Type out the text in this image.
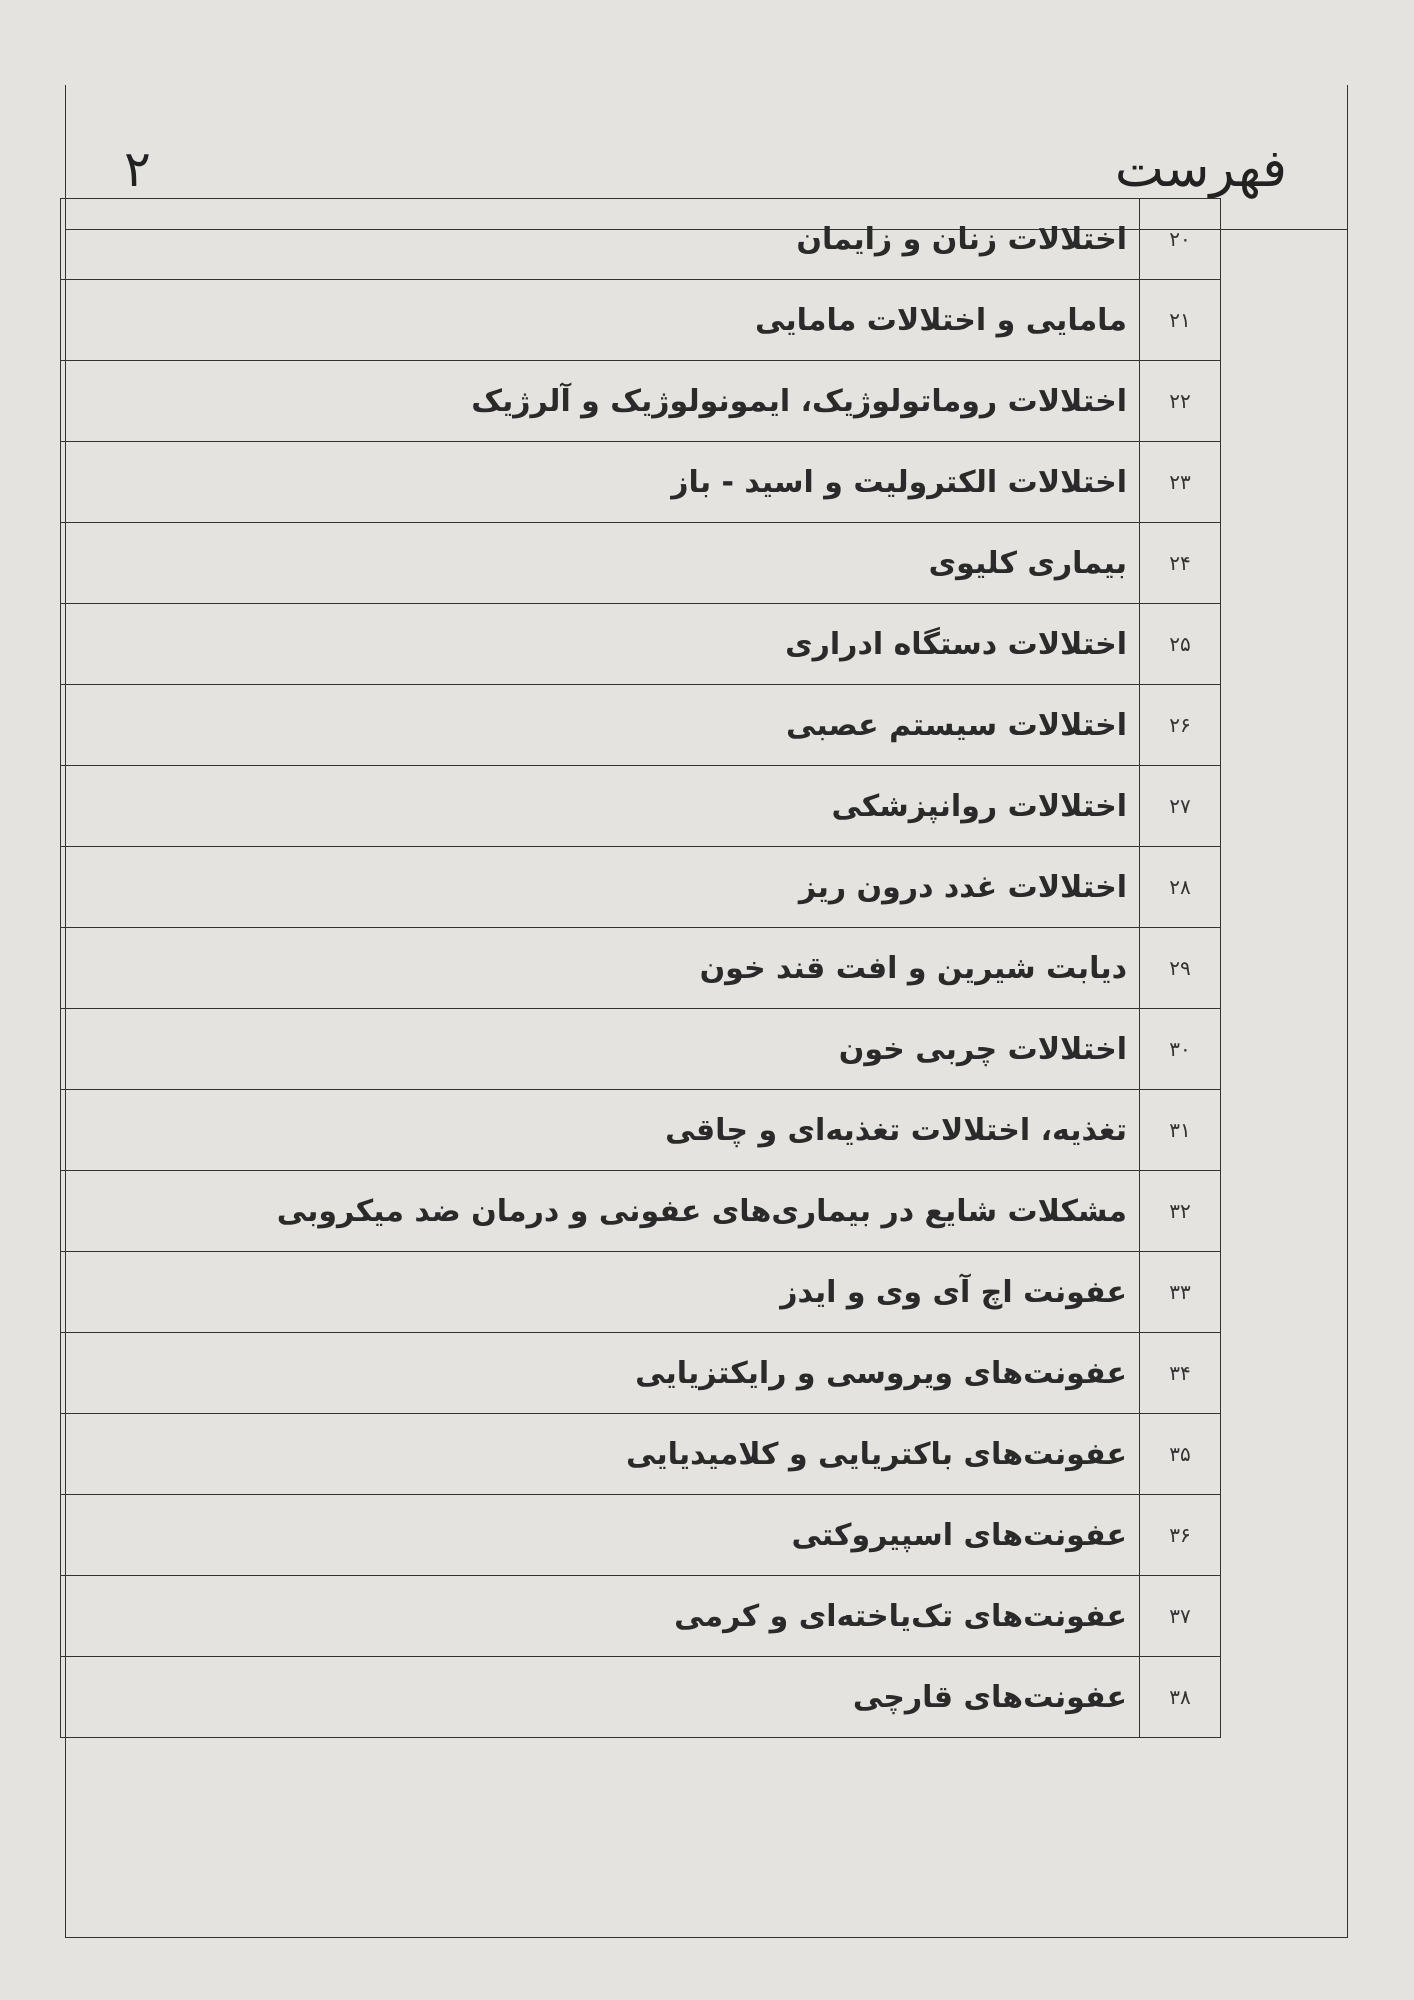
فهرست
۲
۲۰	اختلالات زنان و زایمان
۲۱	مامایی و اختلالات مامایی
۲۲	اختلالات روماتولوژیک، ایمونولوژیک و آلرژیک
۲۳	اختلالات الکترولیت و اسید - باز
۲۴	بیماری کلیوی
۲۵	اختلالات دستگاه ادراری
۲۶	اختلالات سیستم عصبی
۲۷	اختلالات روانپزشکی
۲۸	اختلالات غدد درون ریز
۲۹	دیابت شیرین و افت قند خون
۳۰	اختلالات چربی خون
۳۱	تغذیه، اختلالات تغذیه‌ای و چاقی
۳۲	مشکلات شایع در بیماری‌های عفونی و درمان ضد میکروبی
۳۳	عفونت اچ آی وی و ایدز
۳۴	عفونت‌های ویروسی و رایکتزیایی
۳۵	عفونت‌های باکتریایی و کلامیدیایی
۳۶	عفونت‌های اسپیروکتی
۳۷	عفونت‌های تک‌یاخته‌ای و کرمی
۳۸	عفونت‌های قارچی
